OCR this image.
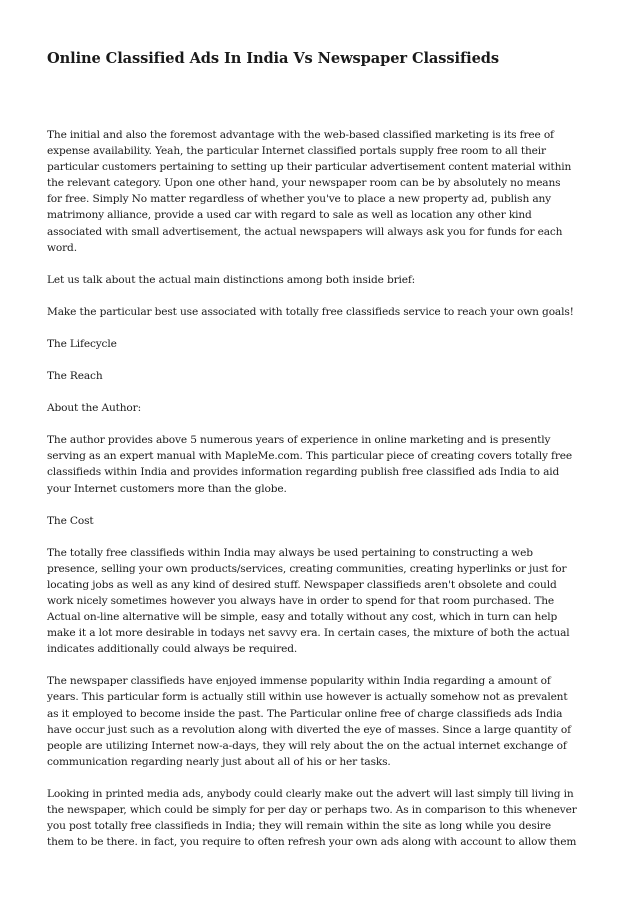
Online Classified Ads In India Vs Newspaper Classifieds

The initial and also the foremost advantage with the web-based classified marketing is its free of
expense availability. Yeah, the particular Internet classified portals supply free room to all their
particular customers pertaining to setting up their particular advertisement content material within
the relevant category. Upon one other hand, your newspaper room can be by absolutely no means
for free. Simply No matter regardless of whether you've to place a new property ad, publish any
matrimony alliance, provide a used car with regard to sale as well as location any other kind
associated with small advertisement, the actual newspapers will always ask you for funds for each
word.

Let us talk about the actual main distinctions among both inside brief:

Make the particular best use associated with totally free classifieds service to reach your own goals!

The Lifecycle

The Reach

About the Author:

The author provides above 5 numerous years of experience in online marketing and is presently
serving as an expert manual with MapleMe.com. This particular piece of creating covers totally free
classifieds within India and provides information regarding publish free classified ads India to aid
your Internet customers more than the globe.

The Cost

The totally free classifieds within India may always be used pertaining to constructing a web
presence, selling your own products/services, creating communities, creating hyperlinks or just for
locating jobs as well as any kind of desired stuff. Newspaper classifieds aren't obsolete and could
work nicely sometimes however you always have in order to spend for that room purchased. The
Actual on-line alternative will be simple, easy and totally without any cost, which in turn can help
make it a lot more desirable in todays net savvy era. In certain cases, the mixture of both the actual
indicates additionally could always be required.

The newspaper classifieds have enjoyed immense popularity within India regarding a amount of
years. This particular form is actually still within use however is actually somehow not as prevalent
as it employed to become inside the past. The Particular online free of charge classifieds ads India
have occur just such as a revolution along with diverted the eye of masses. Since a large quantity of
people are utilizing Internet now-a-days, they will rely about the on the actual internet exchange of
communication regarding nearly just about all of his or her tasks.

Looking in printed media ads, anybody could clearly make out the advert will last simply till living in
the newspaper, which could be simply for per day or perhaps two. As in comparison to this whenever
you post totally free classifieds in India; they will remain within the site as long while you desire
them to be there. in fact, you require to often refresh your own ads along with account to allow them
